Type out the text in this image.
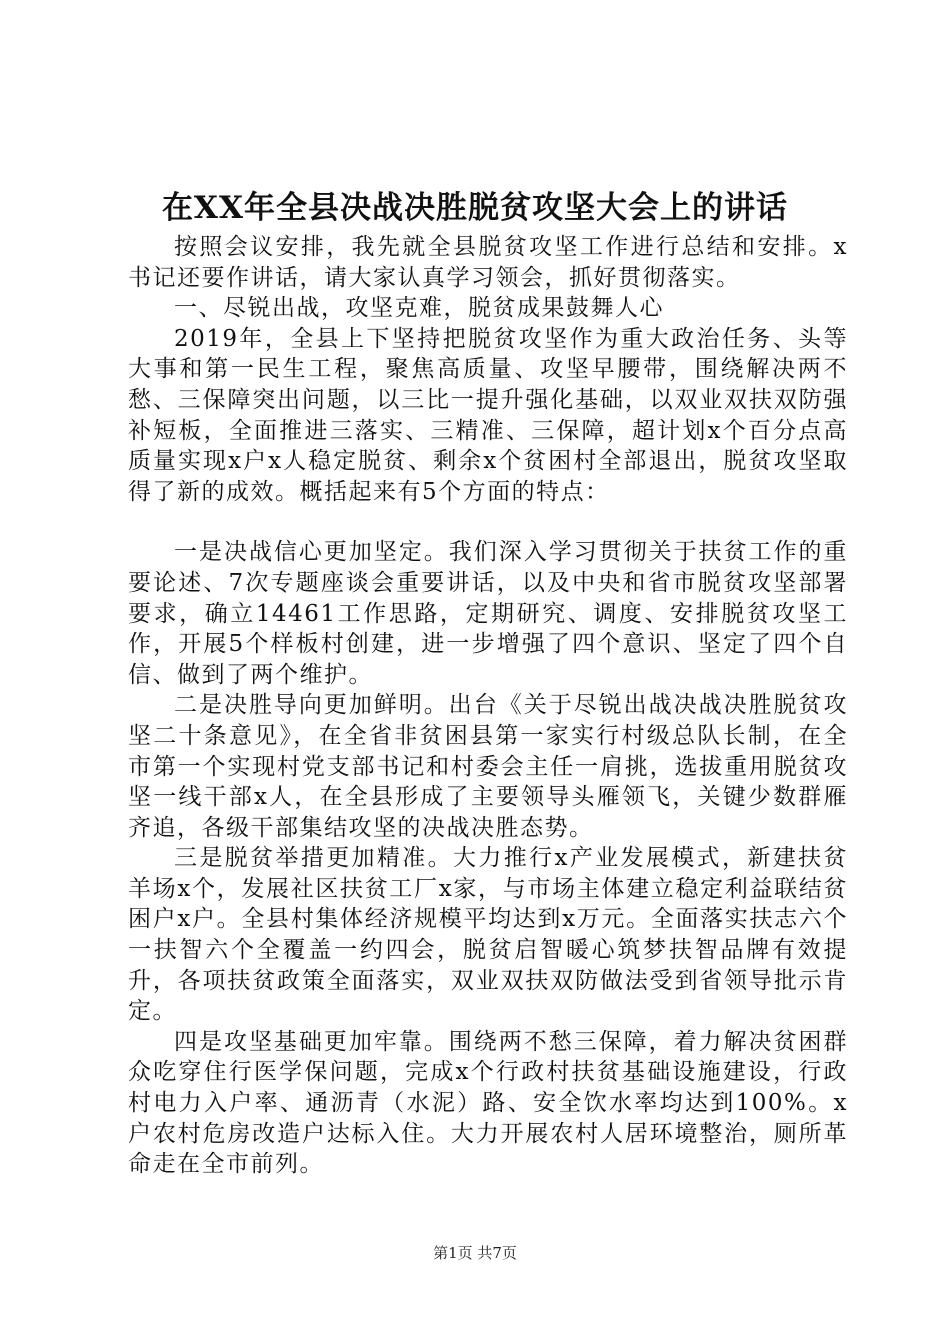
在XX年全县决战决胜脱贫攻坚大会上的讲话

按照会议安排，我先就全县脱贫攻坚工作进行总结和安排。x书记还要作讲话，请大家认真学习领会，抓好贯彻落实。

一、尽锐出战，攻坚克难，脱贫成果鼓舞人心

2019年，全县上下坚持把脱贫攻坚作为重大政治任务、头等大事和第一民生工程，聚焦高质量、攻坚早腰带，围绕解决两不愁、三保障突出问题，以三比一提升强化基础，以双业双扶双防强补短板，全面推进三落实、三精准、三保障，超计划x个百分点高质量实现x户x人稳定脱贫、剩余x个贫困村全部退出，脱贫攻坚取得了新的成效。概括起来有5个方面的特点：

一是决战信心更加坚定。我们深入学习贯彻关于扶贫工作的重要论述、7次专题座谈会重要讲话，以及中央和省市脱贫攻坚部署要求，确立14461工作思路，定期研究、调度、安排脱贫攻坚工作，开展5个样板村创建，进一步增强了四个意识、坚定了四个自信、做到了两个维护。

二是决胜导向更加鲜明。出台《关于尽锐出战决战决胜脱贫攻坚二十条意见》，在全省非贫困县第一家实行村级总队长制，在全市第一个实现村党支部书记和村委会主任一肩挑，选拔重用脱贫攻坚一线干部x人，在全县形成了主要领导头雁领飞，关键少数群雁齐追，各级干部集结攻坚的决战决胜态势。

三是脱贫举措更加精准。大力推行x产业发展模式，新建扶贫羊场x个，发展社区扶贫工厂x家，与市场主体建立稳定利益联结贫困户x户。全县村集体经济规模平均达到x万元。全面落实扶志六个一扶智六个全覆盖一约四会，脱贫启智暖心筑梦扶智品牌有效提升，各项扶贫政策全面落实，双业双扶双防做法受到省领导批示肯定。

四是攻坚基础更加牢靠。围绕两不愁三保障，着力解决贫困群众吃穿住行医学保问题，完成x个行政村扶贫基础设施建设，行政村电力入户率、通沥青（水泥）路、安全饮水率均达到100%。x户农村危房改造户达标入住。大力开展农村人居环境整治，厕所革命走在全市前列。

第1页 共7页
